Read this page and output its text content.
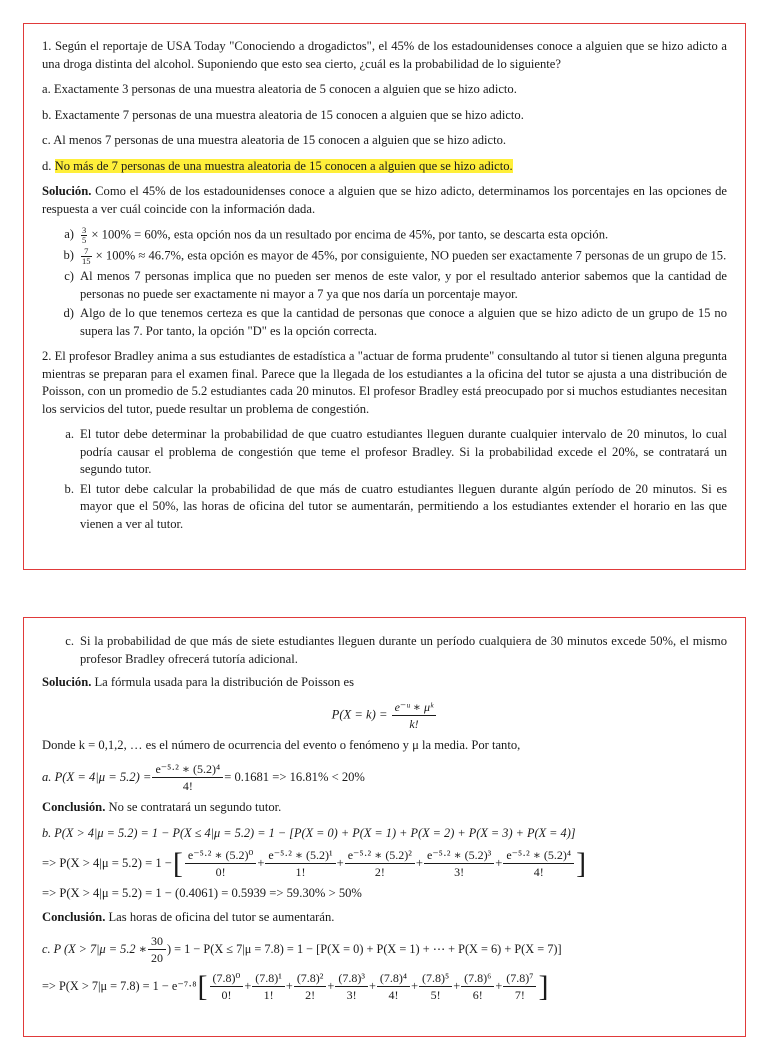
1. Según el reportaje de USA Today "Conociendo a drogadictos", el 45% de los estadounidenses conoce a alguien que se hizo adicto a una droga distinta del alcohol. Suponiendo que esto sea cierto, ¿cuál es la probabilidad de lo siguiente?

a. Exactamente 3 personas de una muestra aleatoria de 5 conocen a alguien que se hizo adicto.

b. Exactamente 7 personas de una muestra aleatoria de 15 conocen a alguien que se hizo adicto.

c. Al menos 7 personas de una muestra aleatoria de 15 conocen a alguien que se hizo adicto.

d. No más de 7 personas de una muestra aleatoria de 15 conocen a alguien que se hizo adicto.

Solución. Como el 45% de los estadounidenses conoce a alguien que se hizo adicto, determinamos los porcentajes en las opciones de respuesta a ver cuál coincide con la información dada.

$a) \frac{3}{5} \times 100\% = 60\%$, esta opción nos da un resultado por encima de 45%, por tanto, se descarta esta opción.
$b) \frac{7}{15} \times 100\% \approx 46.7\%$, esta opción es mayor de 45%, por consiguiente, NO pueden ser exactamente 7 personas de un grupo de 15.
c) Al menos 7 personas implica que no pueden ser menos de este valor, y por el resultado anterior sabemos que la cantidad de personas no puede ser exactamente ni mayor a 7 ya que nos daría un porcentaje mayor.
d) Algo de lo que tenemos certeza es que la cantidad de personas que conoce a alguien que se hizo adicto de un grupo de 15 no supera las 7. Por tanto, la opción "D" es la opción correcta.

2. El profesor Bradley anima a sus estudiantes de estadística a "actuar de forma prudente" consultando al tutor si tienen alguna pregunta mientras se preparan para el examen final. Parece que la llegada de los estudiantes a la oficina del tutor se ajusta a una distribución de Poisson, con un promedio de 5.2 estudiantes cada 20 minutos. El profesor Bradley está preocupado por si muchos estudiantes necesitan los servicios del tutor, puede resultar un problema de congestión.

a. El tutor debe determinar la probabilidad de que cuatro estudiantes lleguen durante cualquier intervalo de 20 minutos, lo cual podría causar el problema de congestión que teme el profesor Bradley. Si la probabilidad excede el 20%, se contratará un segundo tutor.
b. El tutor debe calcular la probabilidad de que más de cuatro estudiantes lleguen durante algún período de 20 minutos. Si es mayor que el 50%, las horas de oficina del tutor se aumentarán, permitiendo a los estudiantes extender el horario en las que vienen a ver al tutor.
c. Si la probabilidad de que más de siete estudiantes lleguen durante un período cualquiera de 30 minutos excede 50%, el mismo profesor Bradley ofrecerá tutoría adicional.

Solución. La fórmula usada para la distribución de Poisson es

$P(X = k) = \frac{\text{e⁻ᵘ ∗ μᵏ}}{k!}$

Donde k = 0,1,2, … es el número de ocurrencia del evento o fenómeno y μ la media. Por tanto,

a. $P(X = 4|\mu = 5.2) = \frac{\text{e⁻⁵·² ∗ (5.2)⁴}}{4!} = 0.1681 => 16.81\% < 20\%$

Conclusión. No se contratará un segundo tutor.

b. P(X > 4|μ = 5.2) = 1 − P(X ≤ 4|μ = 5.2) = 1 − [P(X = 0) + P(X = 1) + P(X = 2) + P(X = 3) + P(X = 4)]
=> P(X > 4|μ = 5.2) = 1 − [ $\frac{\text{e⁻⁵·² ∗ (5.2)⁰}}{0!} + \frac{\text{e⁻⁵·² ∗ (5.2)¹}}{1!} + \frac{\text{e⁻⁵·² ∗ (5.2)²}}{2!} + \frac{\text{e⁻⁵·² ∗ (5.2)³}}{3!} + \frac{\text{e⁻⁵·² ∗ (5.2)⁴}}{4!}$ ]
=> P(X > 4|μ = 5.2) = 1 − (0.4061) = 0.5939 => 59.30% > 50%

Conclusión. Las horas de oficina del tutor se aumentarán.

c. P (X > 7|μ = 5.2 ∗ $\frac{30}{20}$ ) = 1 − P(X ≤ 7|μ = 7.8) = 1 − [P(X = 0) + P(X = 1) + ⋯ + P(X = 6) + P(X = 7)]
=> P(X > 7|μ = 7.8) = 1 − e⁻⁷·⁸ [ $\frac{\text{(7.8)⁰}}{0!} + \frac{\text{(7.8)¹}}{1!} + \frac{\text{(7.8)²}}{2!} + \frac{\text{(7.8)³}}{3!} + \frac{\text{(7.8)⁴}}{4!} + \frac{\text{(7.8)⁵}}{5!} + \frac{\text{(7.8)⁶}}{6!} + \frac{\text{(7.8)⁷}}{7!}$ ]
